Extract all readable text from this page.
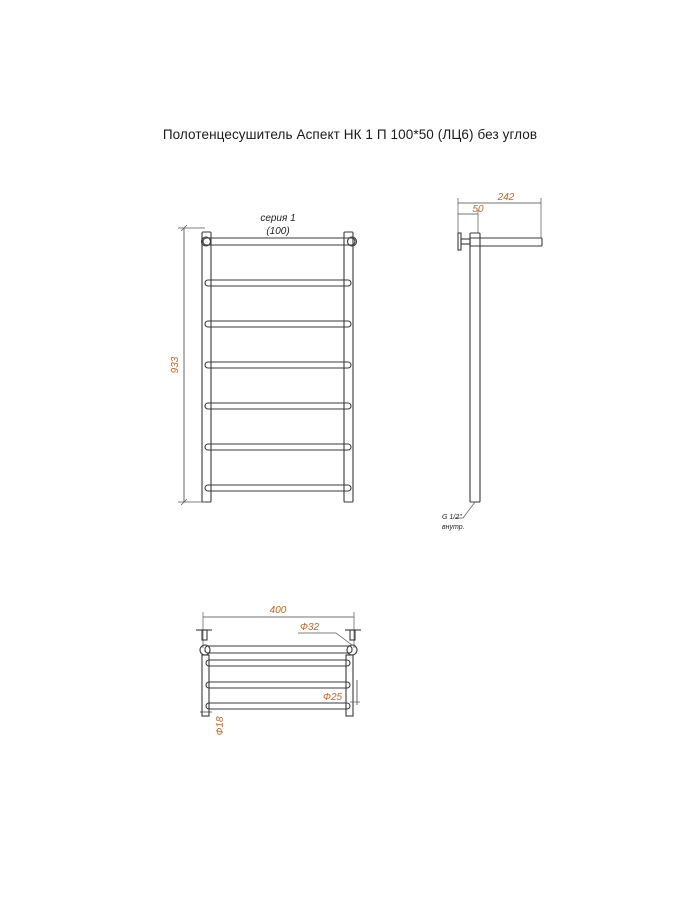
Полотенцесушитель Аспект НК 1 П 100*50 (ЛЦ6) без углов
серия 1
(100)
933
242
50
G 1/2"
внутр.
400
Ф32
Ф25
Ф18
